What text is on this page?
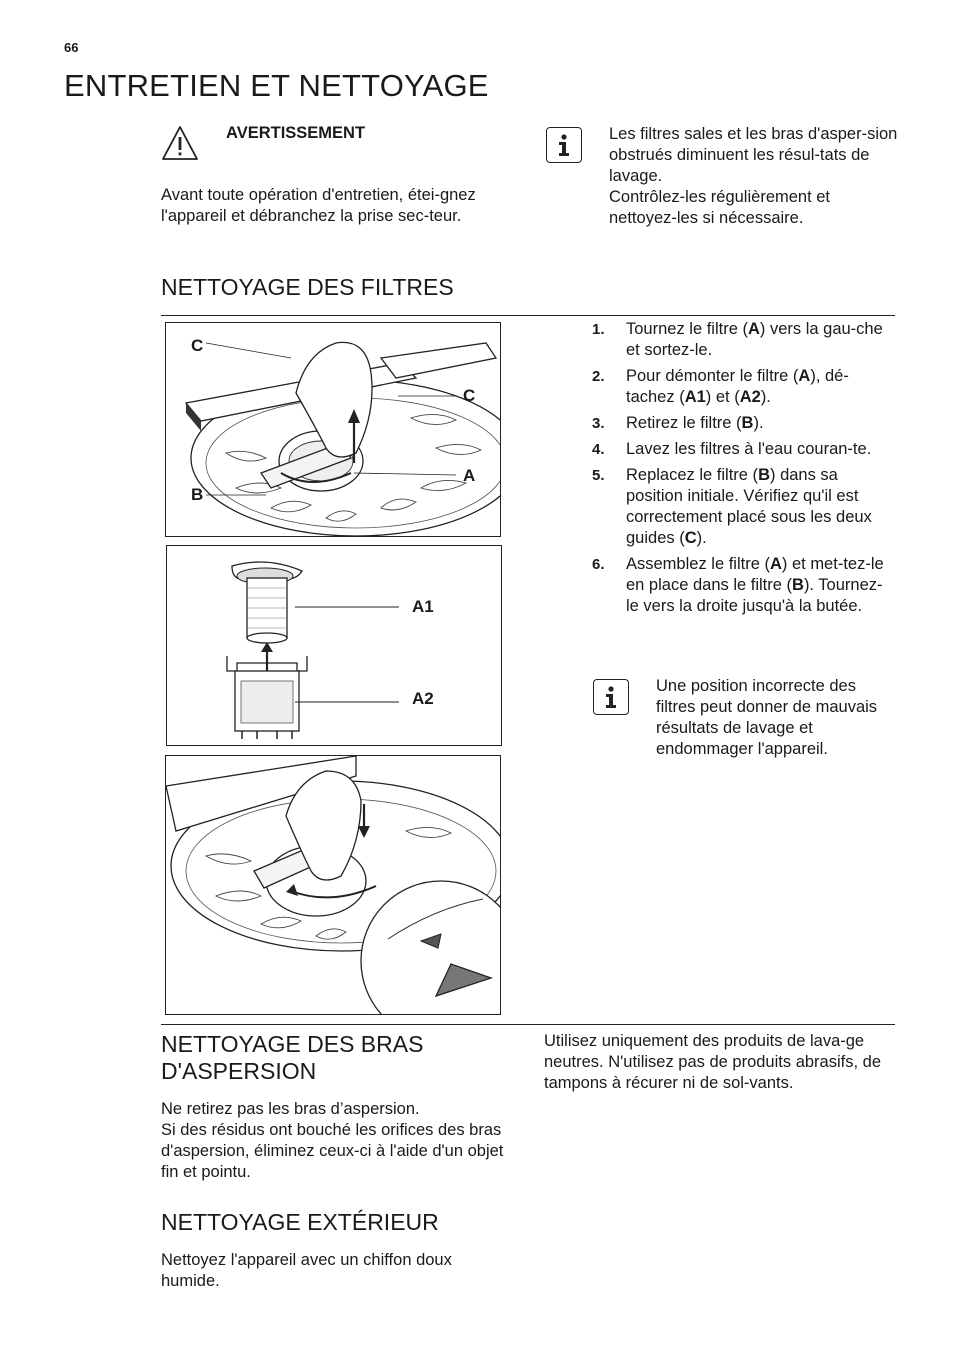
66
ENTRETIEN ET NETTOYAGE
AVERTISSEMENT
Avant toute opération d'entretien, étei-gnez l'appareil et débranchez la prise sec-teur.
Les filtres sales et les bras d'asper-sion obstrués diminuent les résul-tats de lavage.
Contrôlez-les régulièrement et nettoyez-les si nécessaire.
NETTOYAGE DES FILTRES
C
C
A
B
A1
A2
1. Tournez le filtre (A) vers la gau-che et sortez-le.
2. Pour démonter le filtre (A), dé-tachez (A1) et (A2).
3. Retirez le filtre (B).
4. Lavez les filtres à l'eau couran-te.
5. Replacez le filtre (B) dans sa position initiale. Vérifiez qu'il est correctement placé sous les deux guides (C).
6. Assemblez le filtre (A) et met-tez-le en place dans le filtre (B). Tournez-le vers la droite jusqu'à la butée.
Une position incorrecte des filtres peut donner de mauvais résultats de lavage et endommager l'appareil.
NETTOYAGE DES BRAS
D'ASPERSION
Ne retirez pas les bras d’aspersion.
Si des résidus ont bouché les orifices des bras d'aspersion, éliminez ceux-ci à l'aide d'un objet fin et pointu.
Utilisez uniquement des produits de lava-ge neutres. N'utilisez pas de produits abrasifs, de tampons à récurer ni de sol-vants.
NETTOYAGE EXTÉRIEUR
Nettoyez l'appareil avec un chiffon doux humide.
